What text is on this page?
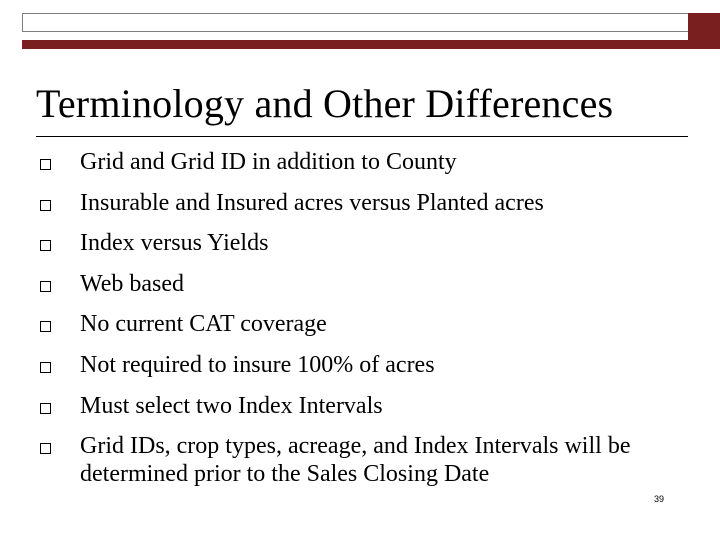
Terminology and Other Differences
Grid and Grid ID in addition to County
Insurable and Insured acres versus Planted acres
Index versus Yields
Web based
No current CAT coverage
Not required to insure 100% of acres
Must select two Index Intervals
Grid IDs, crop types, acreage, and Index Intervals will be determined prior to the Sales Closing Date
39
